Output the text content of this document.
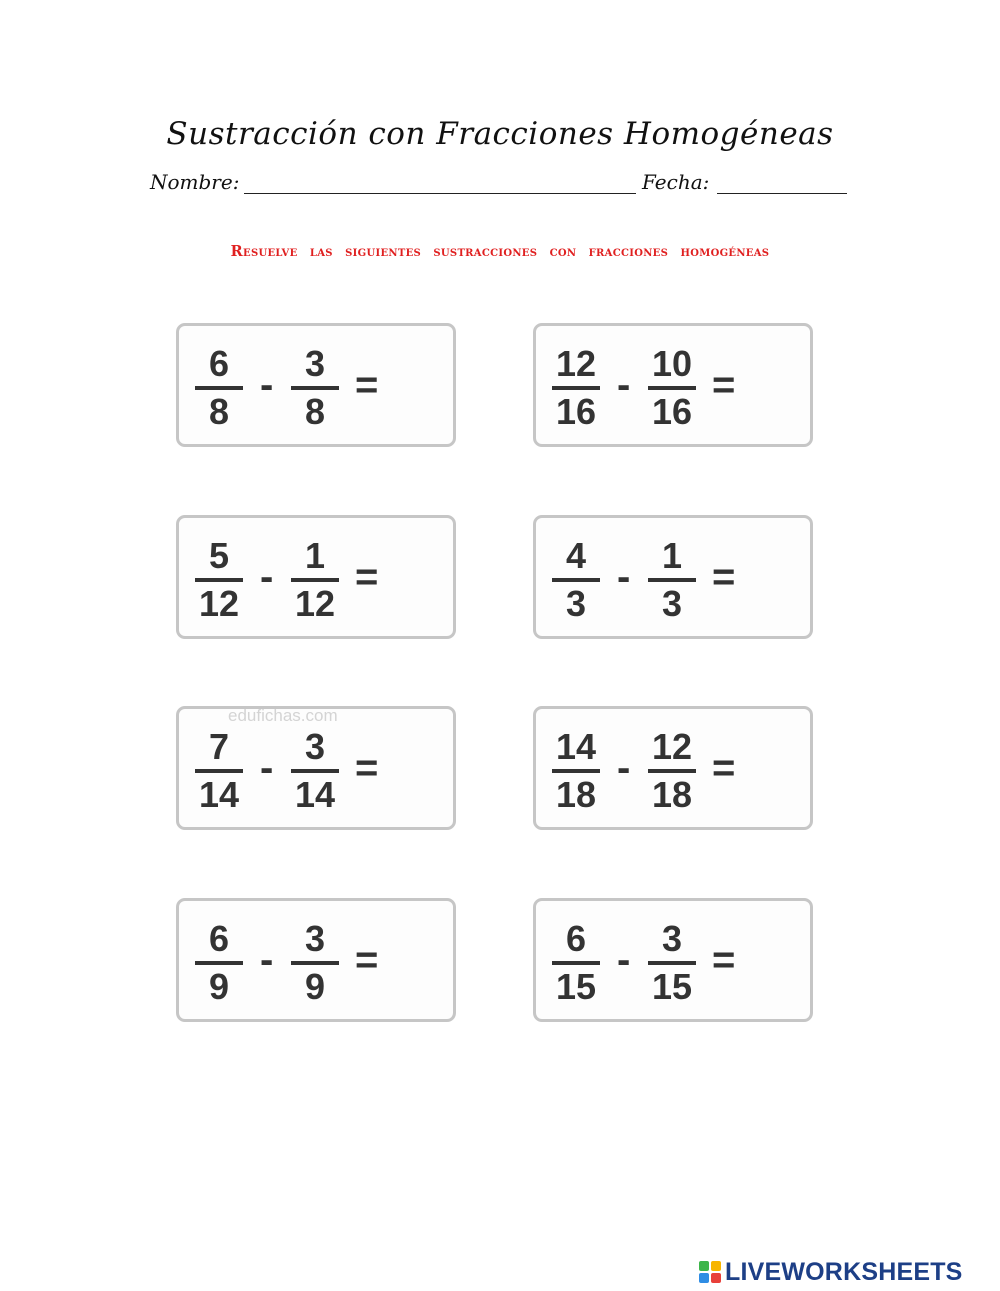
Sustracción con Fracciones Homogéneas
Nombre:	Fecha:
Resuelve las siguientes sustracciones con fracciones homogéneas
6
8
- 3
8
=	12
16
- 10
16
=
5
12
- 1
12
=	4
3
- 1
3
=
7
14
- 3
14
=	14
18
- 12
18
=
6
9
- 3
9
=	6
15
- 3
15
=
edufichas.com
LIVEWORKSHEETS
